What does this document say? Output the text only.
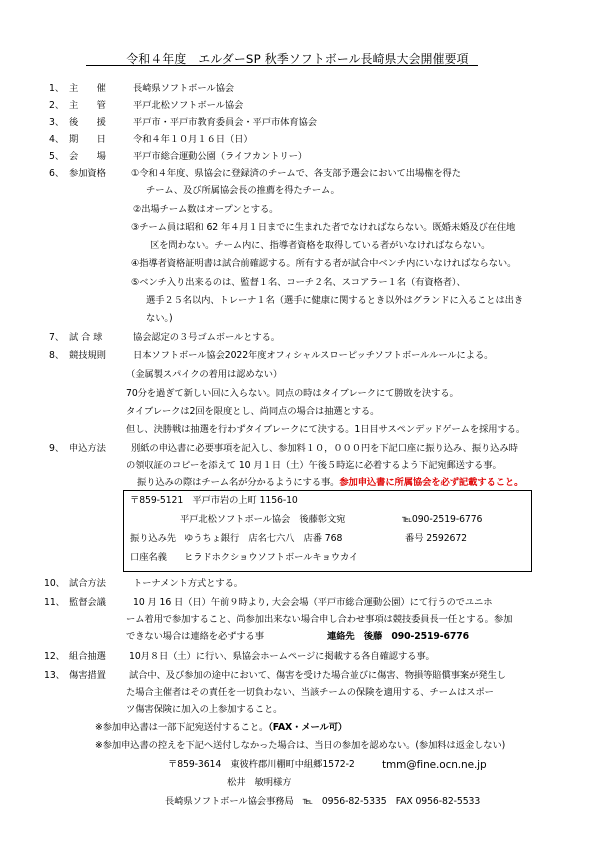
令和４年度　エルダーSP 秋季ソフトボール長崎県大会開催要項
1、 主　　催	長崎県ソフトボール協会
2、 主　　管	平戸北松ソフトボール協会
3、 後　　援	平戸市・平戸市教育委員会・平戸市体育協会
4、 期　　日	令和４年１０月１６日（日）
5、 会　　場	平戸市総合運動公園（ライフカントリー）
6、 参加資格	①令和４年度、県協会に登録済のチームで、各支部予選会において出場権を得た
チーム、及び所属協会長の推薦を得たチーム。
②出場チーム数はオープンとする。
③チーム員は昭和 62 年４月１日までに生まれた者でなければならない。既婚未婚及び在住地
区を問わない。チーム内に、指導者資格を取得している者がいなければならない。
④指導者資格証明書は試合前確認する。所有する者が試合中ベンチ内にいなければならない。
⑤ベンチ入り出来るのは、監督１名、コーチ２名、スコアラー１名（有資格者）、
選手２５名以内、トレーナ１名（選手に健康に関するとき以外はグランドに入ることは出き
ない。)
7、 試 合 球	協会認定の３号ゴムボールとする。
8、 競技規則	日本ソフトボール協会2022年度オフィシャルスローピッチソフトボールルールによる。
（金属製スパイクの着用は認めない）
70分を過ぎて新しい回に入らない。同点の時はタイブレークにて勝敗を決する。
タイブレークは2回を限度とし、尚同点の場合は抽選とする。
但し、決勝戦は抽選を行わずタイブレークにて決する。1日目サスペンデッドゲームを採用する。
9、 申込方法	別紙の申込書に必要事項を記入し、参加料１０，０００円を下記口座に振り込み、振り込み時
の領収証のコピーを添えて 10 月１日（土）午後５時迄に必着するよう下記宛郵送する事。
振り込みの際はチーム名が分かるようにする事。参加申込書に所属協会を必ず記載すること。
〒859-5121　平戸市岩の上町 1156-10
平戸北松ソフトボール協会　後藤彰文宛	℡090-2519-6776
振り込み先 ゆうちょ銀行　店名七六八　店番 768	番号 2592672
口座名義 ヒラドホクショウソフトボールキョウカイ
10、 試合方法	トーナメント方式とする。
11、 監督会議	10 月 16 日（日）午前９時より, 大会会場（平戸市総合運動公園）にて行うのでユニホ
ーム着用で参加すること、尚参加出来ない場合申し合わせ事項は競技委員長一任とする。参加
できない場合は連絡を必ずする事	連絡先　後藤　090-2519-6776
12、 組合抽選 10月８日（土）に行い、県協会ホームページに掲載する各自確認する事。
13、 傷害措置 試合中、及び参加の途中において、傷害を受けた場合並びに傷害、物損等賠償事案が発生し
た場合主催者はその責任を一切負わない、当該チームの保険を適用する、チームはスポー
ツ傷害保険に加入の上参加すること。
※参加申込書は一部下記宛送付すること。（FAX・メール可）
※参加申込書の控えを下記へ送付しなかった場合は、当日の参加を認めない。(参加料は返金しない)
〒859-3614　東彼杵郡川棚町中組郷1572-2	tmm@fine.ocn.ne.jp
松井　敏明様方
長崎県ソフトボール協会事務局　℡　0956-82-5335　FAX 0956-82-5533
